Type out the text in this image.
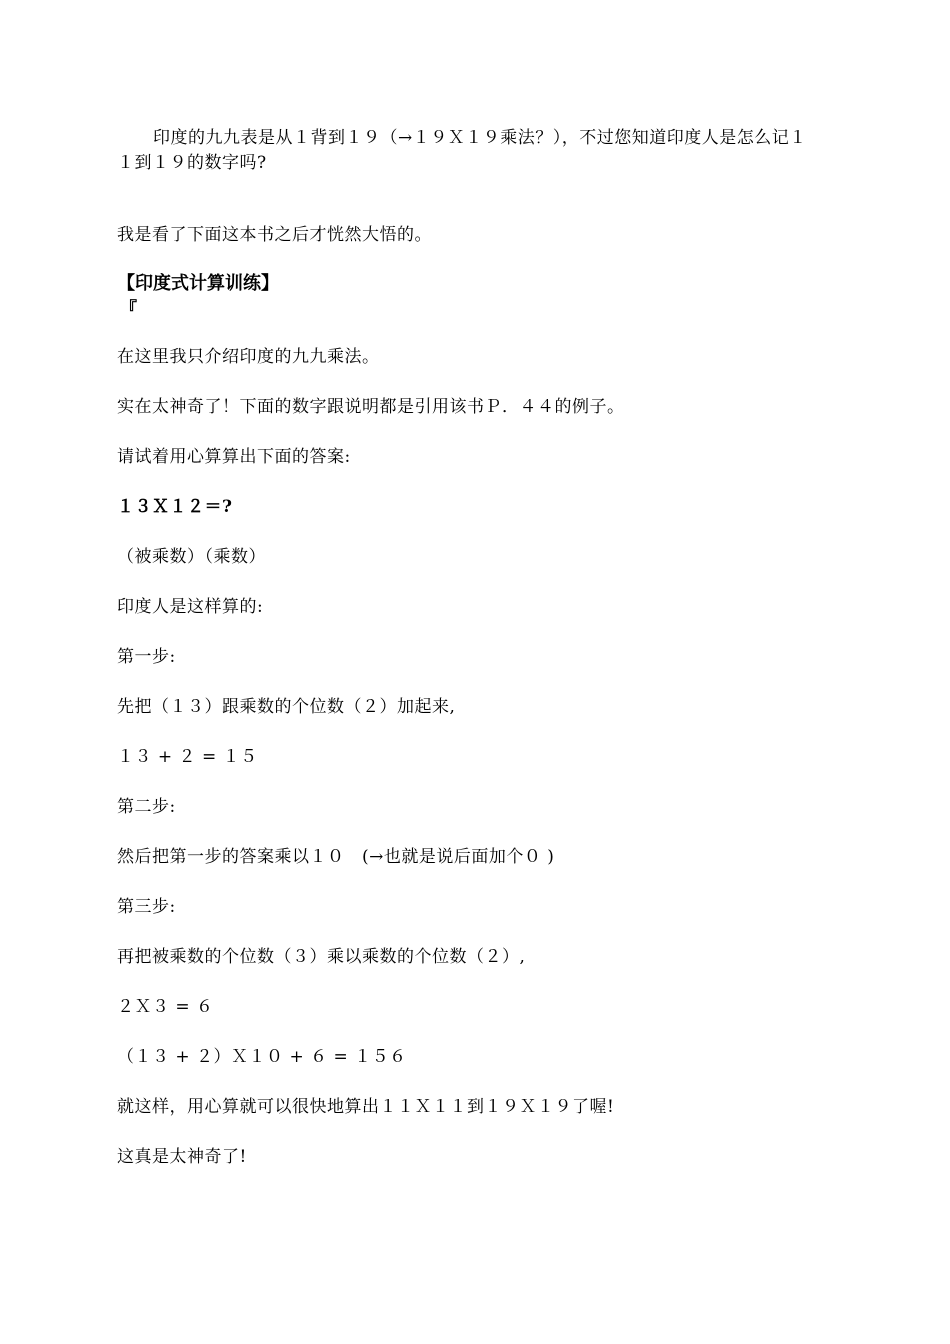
印度的九九表是从１背到１９（→１９Ｘ１９乘法？），不过您知道印度人是怎么记１１到１９的数字吗?
我是看了下面这本书之后才恍然大悟的。
【印度式计算训练】
『
在这里我只介绍印度的九九乘法。
实在太神奇了！下面的数字跟说明都是引用该书Ｐ．４４的例子。
请试着用心算算出下面的答案:
１３Ｘ１２＝?
（被乘数）（乘数）
印度人是这样算的:
第一步:
先把（１３）跟乘数的个位数（２）加起来,
１３ + ２ = １５
第二步:
然后把第一步的答案乘以１０　(→也就是说后面加个０ )
第三步:
再把被乘数的个位数（３）乘以乘数的个位数（２）,
２Ｘ３ = ６
（１３ + ２）Ｘ１０ + ６ = １５６
就这样，用心算就可以很快地算出１１Ｘ１１到１９Ｘ１９了喔!
这真是太神奇了!
